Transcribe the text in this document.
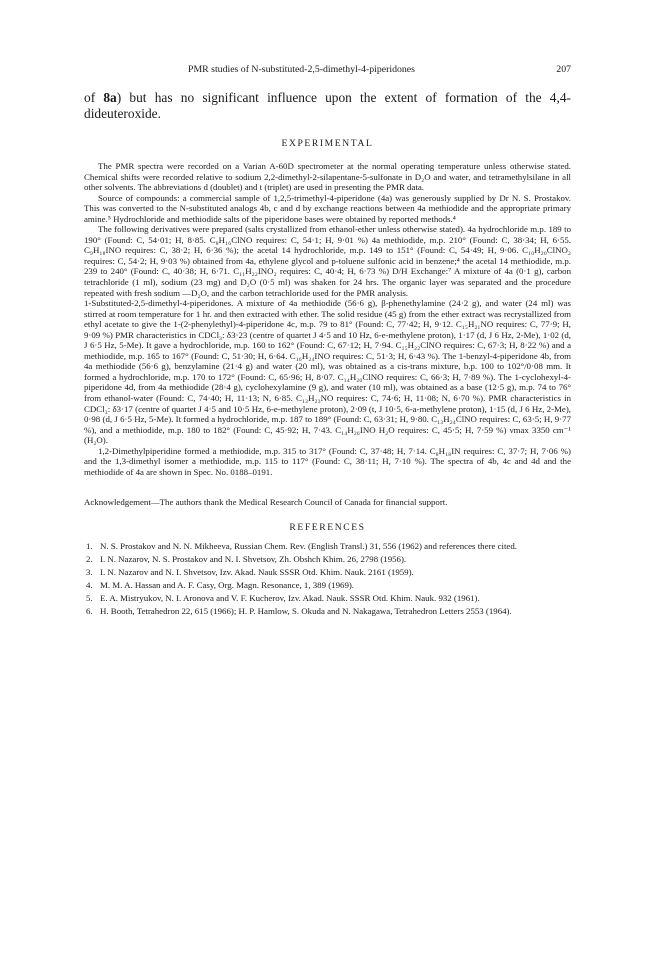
PMR studies of N-substituted-2,5-dimethyl-4-piperidones	207

of 8a) but has no significant influence upon the extent of formation of the 4,4-dideuteroxide.

EXPERIMENTAL

The PMR spectra were recorded on a Varian A-60D spectrometer at the normal operating temperature unless otherwise stated. Chemical shifts were recorded relative to sodium 2,2-dimethyl-2-silapentane-5-sulfonate in D₂O and water, and tetramethylsilane in all other solvents. The abbreviations d (doublet) and t (triplet) are used in presenting the PMR data.

Source of compounds: a commercial sample of 1,2,5-trimethyl-4-piperidone (4a) was generously supplied by Dr N. S. Prostakov. This was converted to the N-substituted analogs 4b, c and d by exchange reactions between 4a methiodide and the appropriate primary amine.⁵ Hydrochloride and methiodide salts of the piperidone bases were obtained by reported methods.⁴

The following derivatives were prepared (salts crystallized from ethanol-ether unless otherwise stated). 4a hydrochloride m.p. 189 to 190° (Found: C, 54·01; H, 8·85. C₈H₁₆ClNO requires: C, 54·1; H, 9·01 %) 4a methiodide, m.p. 210° (Found: C, 38·34; H, 6·55. C₉H₁₈INO requires: C, 38·2; H, 6·36 %); the acetal 14 hydrochloride, m.p. 149 to 151° (Found: C, 54·49; H, 9·06. C₁₀H₂₀ClNO₂ requires: C, 54·2; H, 9·03 %) obtained from 4a, ethylene glycol and p-toluene sulfonic acid in benzene;⁴ the acetal 14 methiodide, m.p. 239 to 240° (Found: C, 40·38; H, 6·71. C₁₁H₂₂INO₂ requires: C, 40·4; H, 6·73 %) D/H Exchange:⁷ A mixture of 4a (0·1 g), carbon tetrachloride (1 ml), sodium (23 mg) and D₂O (0·5 ml) was shaken for 24 hrs. The organic layer was separated and the procedure repeated with fresh sodium —D₂O, and the carbon tetrachloride used for the PMR analysis.

1-Substituted-2,5-dimethyl-4-piperidones. A mixture of 4a methiodide (56·6 g), β-phenethylamine (24·2 g), and water (24 ml) was stirred at room temperature for 1 hr. and then extracted with ether. The solid residue (45 g) from the ether extract was recrystallized from ethyl acetate to give the 1-(2-phenylethyl)-4-piperidone 4c, m.p. 79 to 81° (Found: C, 77·42; H, 9·12. C₁₅H₂₁NO requires: C, 77·9; H, 9·09 %) PMR characteristics in CDCl₃: δ3·23 (centre of quartet J 4·5 and 10 Hz, 6-e-methylene proton), 1·17 (d, J 6 Hz, 2-Me), 1·02 (d, J 6·5 Hz, 5-Me). It gave a hydrochloride, m.p. 160 to 162° (Found: C, 67·12; H, 7·94. C₁₅H₂₂ClNO requires: C, 67·3; H, 8·22 %) and a methiodide, m.p. 165 to 167° (Found: C, 51·30; H, 6·64. C₁₆H₂₄INO requires: C, 51·3; H, 6·43 %). The 1-benzyl-4-piperidone 4b, from 4a methiodide (56·6 g), benzylamine (21·4 g) and water (20 ml), was obtained as a cis-trans mixture, b.p. 100 to 102°/0·08 mm. It formed a hydrochloride, m.p. 170 to 172° (Found: C, 65·96; H, 8·07. C₁₄H₂₀ClNO requires: C, 66·3; H, 7·89 %). The 1-cyclohexyl-4-piperidone 4d, from 4a methiodide (28·4 g), cyclohexylamine (9 g), and water (10 ml), was obtained as a base (12·5 g), m.p. 74 to 76° from ethanol-water (Found: C, 74·40; H, 11·13; N, 6·85. C₁₃H₂₃NO requires: C, 74·6; H, 11·08; N, 6·70 %). PMR characteristics in CDCl₃: δ3·17 (centre of quartet J 4·5 and 10·5 Hz, 6-e-methylene proton), 2·09 (t, J 10·5, 6-a-methylene proton), 1·15 (d, J 6 Hz, 2-Me), 0·98 (d, J 6·5 Hz, 5-Me). It formed a hydrochloride, m.p. 187 to 189° (Found: C, 63·31; H, 9·80. C₁₃H₂₄ClNO requires: C, 63·5; H, 9·77 %), and a methiodide, m.p. 180 to 182° (Found: C, 45·92; H, 7·43. C₁₄H₂₆INO H₂O requires: C, 45·5; H, 7·59 %) νmax 3350 cm⁻¹ (H₂O).

1,2-Dimethylpiperidine formed a methiodide, m.p. 315 to 317° (Found: C, 37·48; H, 7·14. C₈H₁₈IN requires: C, 37·7; H, 7·06 %) and the 1,3-dimethyl isomer a methiodide, m.p. 115 to 117° (Found: C, 38·11; H, 7·10 %). The spectra of 4b, 4c and 4d and the methiodide of 4a are shown in Spec. No. 0188–0191.

Acknowledgement—The authors thank the Medical Research Council of Canada for financial support.

REFERENCES
1. N. S. Prostakov and N. N. Mikheeva, Russian Chem. Rev. (English Transl.) 31, 556 (1962) and references there cited.
2. I. N. Nazarov, N. S. Prostakov and N. I. Shvetsov, Zh. Obshch Khim. 26, 2798 (1956).
3. I. N. Nazarov and N. I. Shvetsov, Izv. Akad. Nauk SSSR Otd. Khim. Nauk. 2161 (1959).
4. M. M. A. Hassan and A. F. Casy, Org. Magn. Resonance, 1, 389 (1969).
5. E. A. Mistryukov, N. I. Aronova and V. F. Kucherov, Izv. Akad. Nauk. SSSR Otd. Khim. Nauk. 932 (1961).
6. H. Booth, Tetrahedron 22, 615 (1966); H. P. Hamlow, S. Okuda and N. Nakagawa, Tetrahedron Letters 2553 (1964).
